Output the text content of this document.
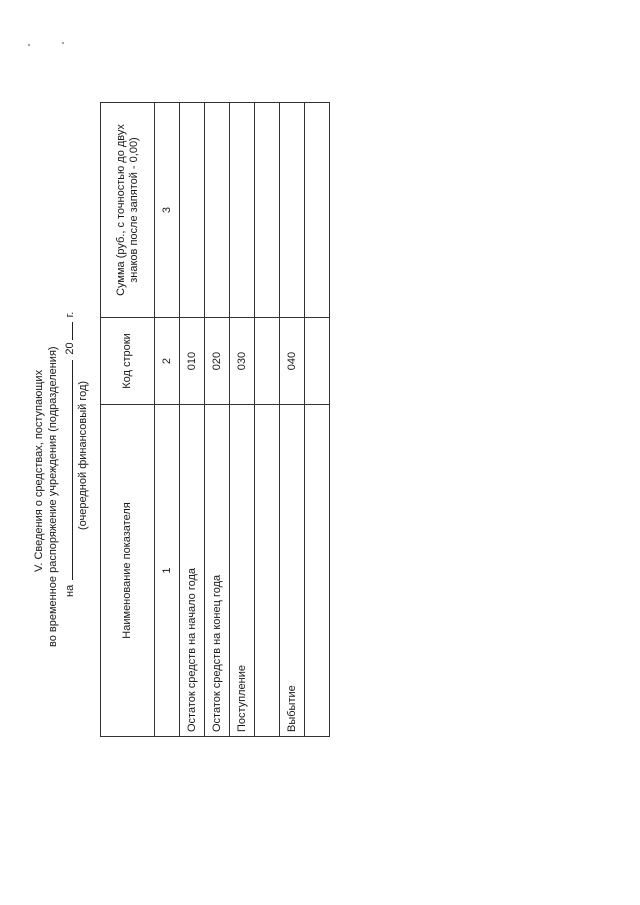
V. Сведения о средствах, поступающих во временное распоряжение учреждения (подразделения) на  20 г.
(очередной финансовый год)
Наименование показателя	Код строки	Сумма (руб., с точностью до двух знаков после запятой - 0,00)
1	2	3
Остаток средств на начало года	010	
Остаток средств на конец года	020	
Поступление	030	

Выбытие	040	
